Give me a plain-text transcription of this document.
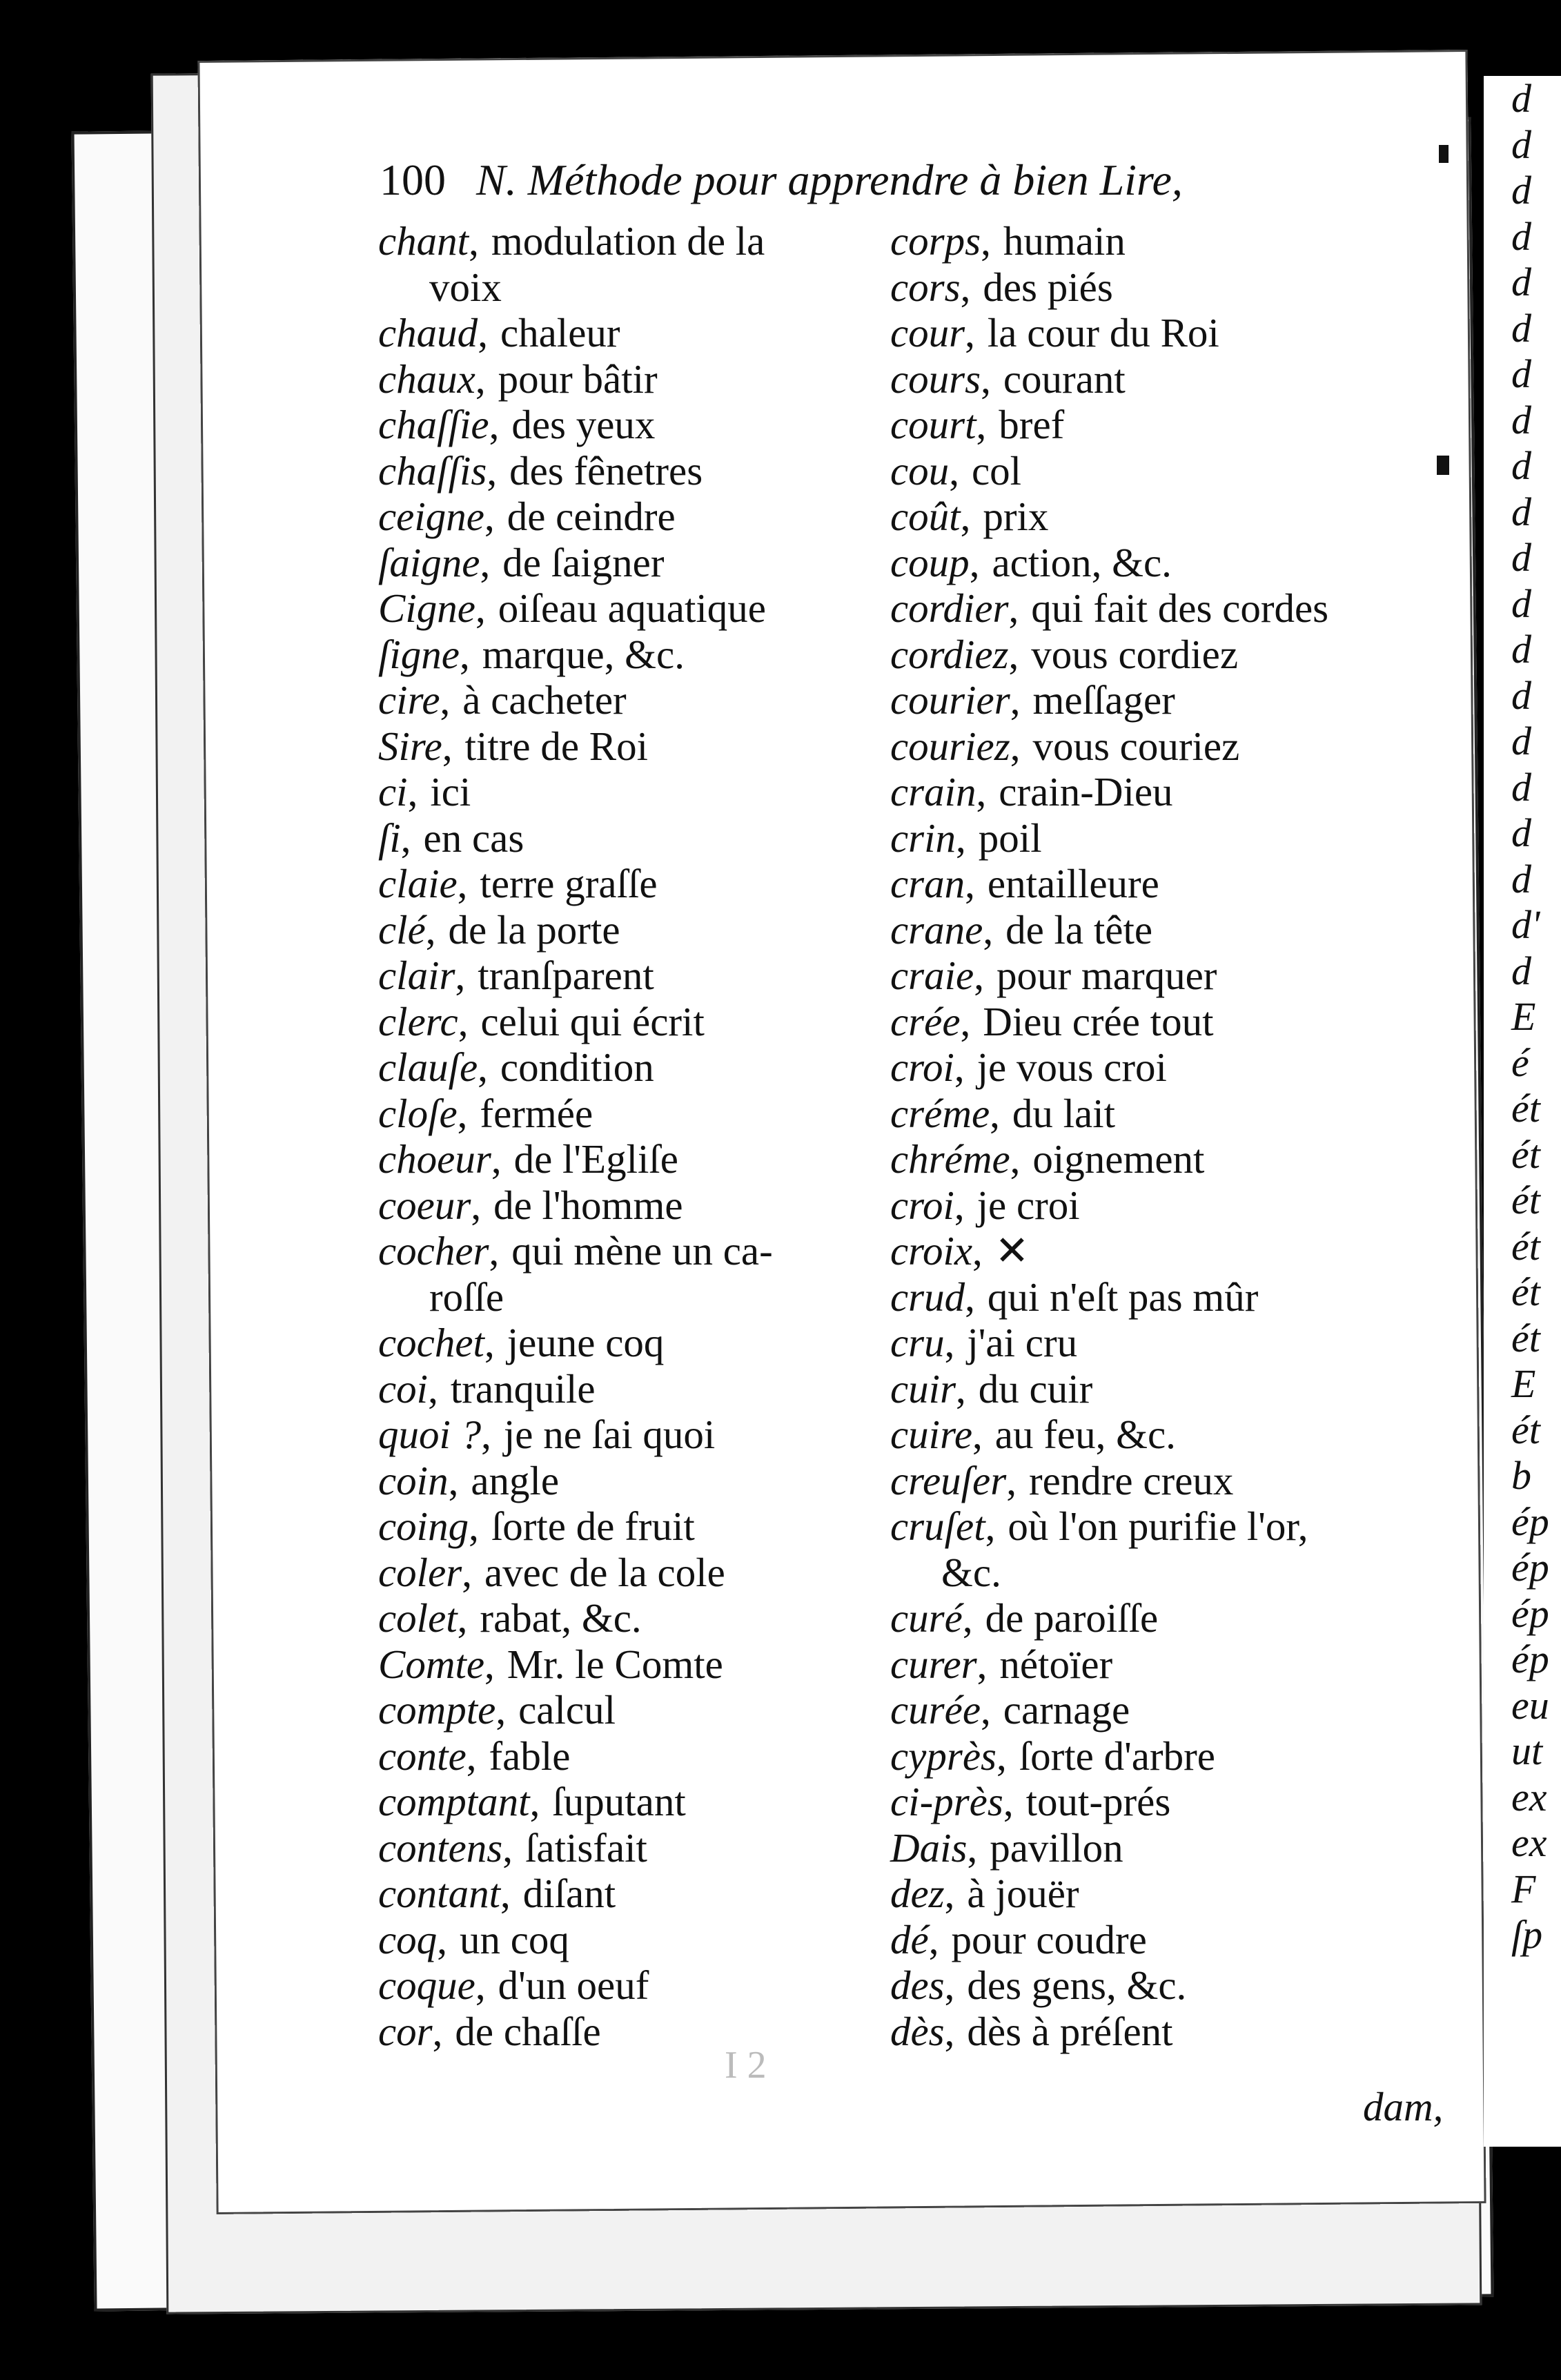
d
d
d
d
d
d
d
d
d
d
d
d
d
d
d
d
d
d
d'
d
E
é
ét
ét
ét
ét
ét
ét
E
ét
b
ép
ép
ép
ép
eu
ut
ex
ex
F
ſp
100 N. Méthode pour apprendre à bien Lire,
chant, modulation de la
voix
chaud, chaleur
chaux, pour bâtir
chaſſie, des yeux
chaſſis, des fênetres
ceigne, de ceindre
ſaigne, de ſaigner
Cigne, oiſeau aquatique
ſigne, marque, &c.
cire, à cacheter
Sire, titre de Roi
ci, ici
ſi, en cas
claie, terre graſſe
clé, de la porte
clair, tranſparent
clerc, celui qui écrit
clauſe, condition
cloſe, fermée
choeur, de l'Egliſe
coeur, de l'homme
cocher, qui mène un ca-
roſſe
cochet, jeune coq
coi, tranquile
quoi ?, je ne ſai quoi
coin, angle
coing, ſorte de fruit
coler, avec de la cole
colet, rabat, &c.
Comte, Mr. le Comte
compte, calcul
conte, fable
comptant, ſuputant
contens, ſatisfait
contant, diſant
coq, un coq
coque, d'un oeuf
cor, de chaſſe
corps, humain
cors, des piés
cour, la cour du Roi
cours, courant
court, bref
cou, col
coût, prix
coup, action, &c.
cordier, qui fait des cordes
cordiez, vous cordiez
courier, meſſager
couriez, vous couriez
crain, crain-Dieu
crin, poil
cran, entailleure
crane, de la tête
craie, pour marquer
crée, Dieu crée tout
croi, je vous croi
créme, du lait
chréme, oignement
croi, je croi
croix, ✕
crud, qui n'eſt pas mûr
cru, j'ai cru
cuir, du cuir
cuire, au feu, &c.
creuſer, rendre creux
cruſet, où l'on purifie l'or,
&c.
curé, de paroiſſe
curer, nétoïer
curée, carnage
cyprès, ſorte d'arbre
ci-près, tout-prés
Dais, pavillon
dez, à jouër
dé, pour coudre
des, des gens, &c.
dès, dès à préſent
dam,
I 2
